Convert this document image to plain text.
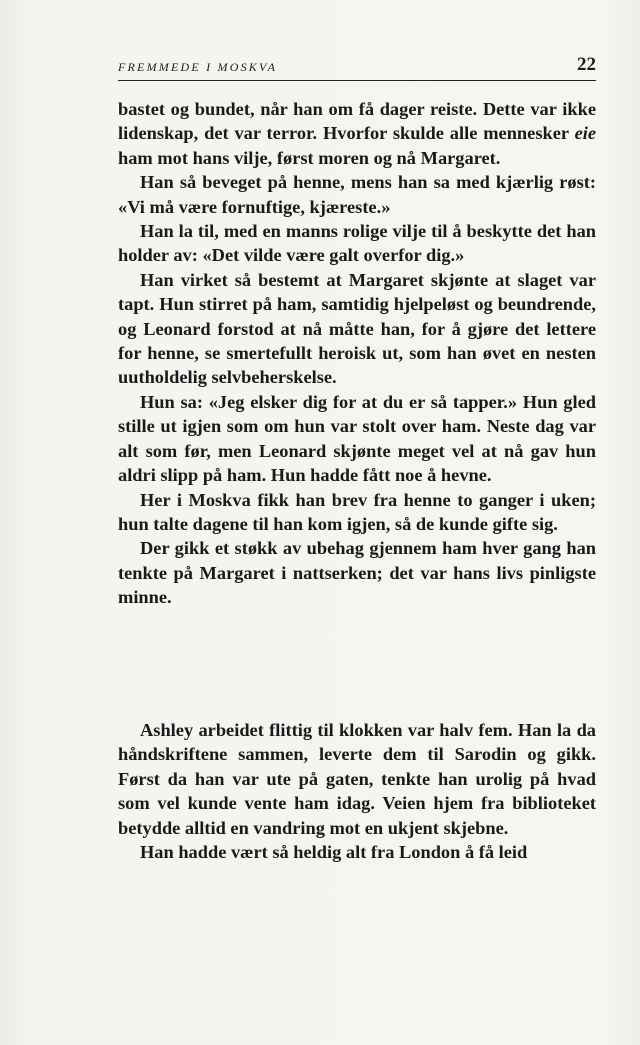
FREMMEDE I MOSKVA	22

bastet og bundet, når han om få dager reiste. Dette var ikke lidenskap, det var terror. Hvorfor skulde alle mennesker eie ham mot hans vilje, først moren og nå Margaret.

Han så beveget på henne, mens han sa med kjærlig røst: «Vi må være fornuftige, kjæreste.»

Han la til, med en manns rolige vilje til å beskytte det han holder av: «Det vilde være galt overfor dig.»

Han virket så bestemt at Margaret skjønte at slaget var tapt. Hun stirret på ham, samtidig hjelpeløst og beundrende, og Leonard forstod at nå måtte han, for å gjøre det lettere for henne, se smertefullt heroisk ut, som han øvet en nesten uutholdelig selvbeherskelse.

Hun sa: «Jeg elsker dig for at du er så tapper.» Hun gled stille ut igjen som om hun var stolt over ham. Neste dag var alt som før, men Leonard skjønte meget vel at nå gav hun aldri slipp på ham. Hun hadde fått noe å hevne.

Her i Moskva fikk han brev fra henne to ganger i uken; hun talte dagene til han kom igjen, så de kunde gifte sig.

Der gikk et støkk av ubehag gjennem ham hver gang han tenkte på Margaret i nattserken; det var hans livs pinligste minne.

Ashley arbeidet flittig til klokken var halv fem. Han la da håndskriftene sammen, leverte dem til Sarodin og gikk. Først da han var ute på gaten, tenkte han urolig på hvad som vel kunde vente ham idag. Veien hjem fra biblioteket betydde alltid en vandring mot en ukjent skjebne.

Han hadde vært så heldig alt fra London å få leid
